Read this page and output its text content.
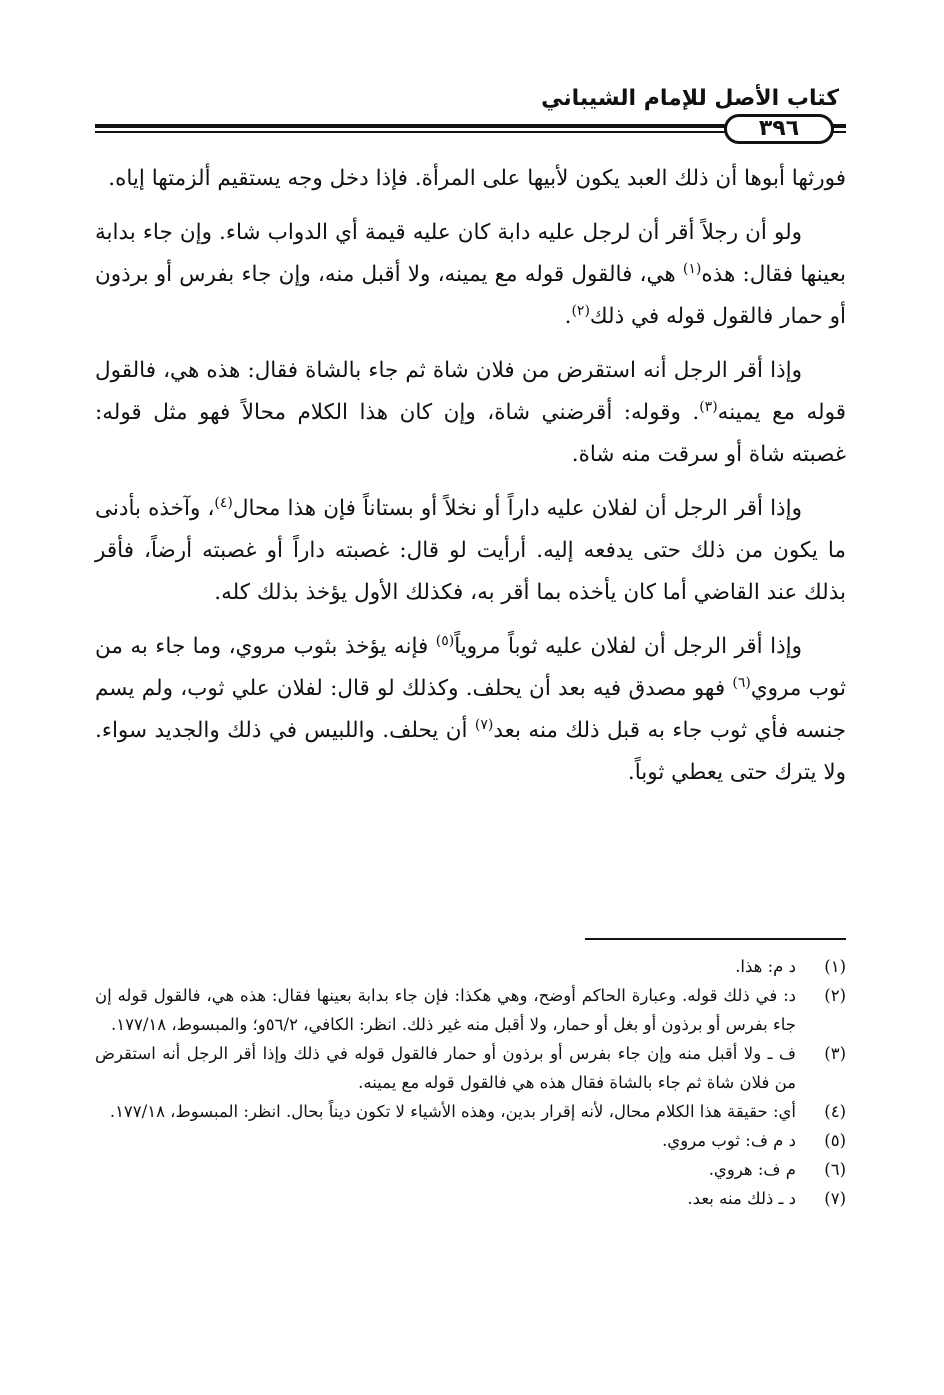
كتاب الأصل للإمام الشيباني
٣٩٦

فورثها أبوها أن ذلك العبد يكون لأبيها على المرأة. فإذا دخل وجه يستقيم ألزمتها إياه.

ولو أن رجلاً أقر أن لرجل عليه دابة كان عليه قيمة أي الدواب شاء. وإن جاء بدابة بعينها فقال: هذه$^{(١)}$ هي، فالقول قوله مع يمينه، ولا أقبل منه، وإن جاء بفرس أو برذون أو حمار فالقول قوله في ذلك$^{(٢)}$.

وإذا أقر الرجل أنه استقرض من فلان شاة ثم جاء بالشاة فقال: هذه هي، فالقول قوله مع يمينه$^{(٣)}$. وقوله: أقرضني شاة، وإن كان هذا الكلام محالاً فهو مثل قوله: غصبته شاة أو سرقت منه شاة.

وإذا أقر الرجل أن لفلان عليه داراً أو نخلاً أو بستاناً فإن هذا محال$^{(٤)}$، وآخذه بأدنى ما يكون من ذلك حتى يدفعه إليه. أرأيت لو قال: غصبته داراً أو غصبته أرضاً، فأقر بذلك عند القاضي أما كان يأخذه بما أقر به، فكذلك الأول يؤخذ بذلك كله.

وإذا أقر الرجل أن لفلان عليه ثوباً مروياً$^{(٥)}$ فإنه يؤخذ بثوب مروي، وما جاء به من ثوب مروي$^{(٦)}$ فهو مصدق فيه بعد أن يحلف. وكذلك لو قال: لفلان علي ثوب، ولم يسم جنسه فأي ثوب جاء به قبل ذلك منه بعد$^{(٧)}$ أن يحلف. واللبيس في ذلك والجديد سواء. ولا يترك حتى يعطي ثوباً.

(١)
د م: هذا.
(٢)
د: في ذلك قوله. وعبارة الحاكم أوضح، وهي هكذا: فإن جاء بدابة بعينها فقال: هذه هي، فالقول قوله إن جاء بفرس أو برذون أو بغل أو حمار، ولا أقبل منه غير ذلك. انظر: الكافي، ٥٦/٢و؛ والمبسوط، ١٧٧/١٨.
(٣)
ف ـ ولا أقبل منه وإن جاء بفرس أو برذون أو حمار فالقول قوله في ذلك وإذا أقر الرجل أنه استقرض من فلان شاة ثم جاء بالشاة فقال هذه هي فالقول قوله مع يمينه.
(٤)
أي: حقيقة هذا الكلام محال، لأنه إقرار بدين، وهذه الأشياء لا تكون ديناً بحال. انظر: المبسوط، ١٧٧/١٨.
(٥)
د م ف: ثوب مروي.
(٦)
م ف: هروي.
(٧)
د ـ ذلك منه بعد.
